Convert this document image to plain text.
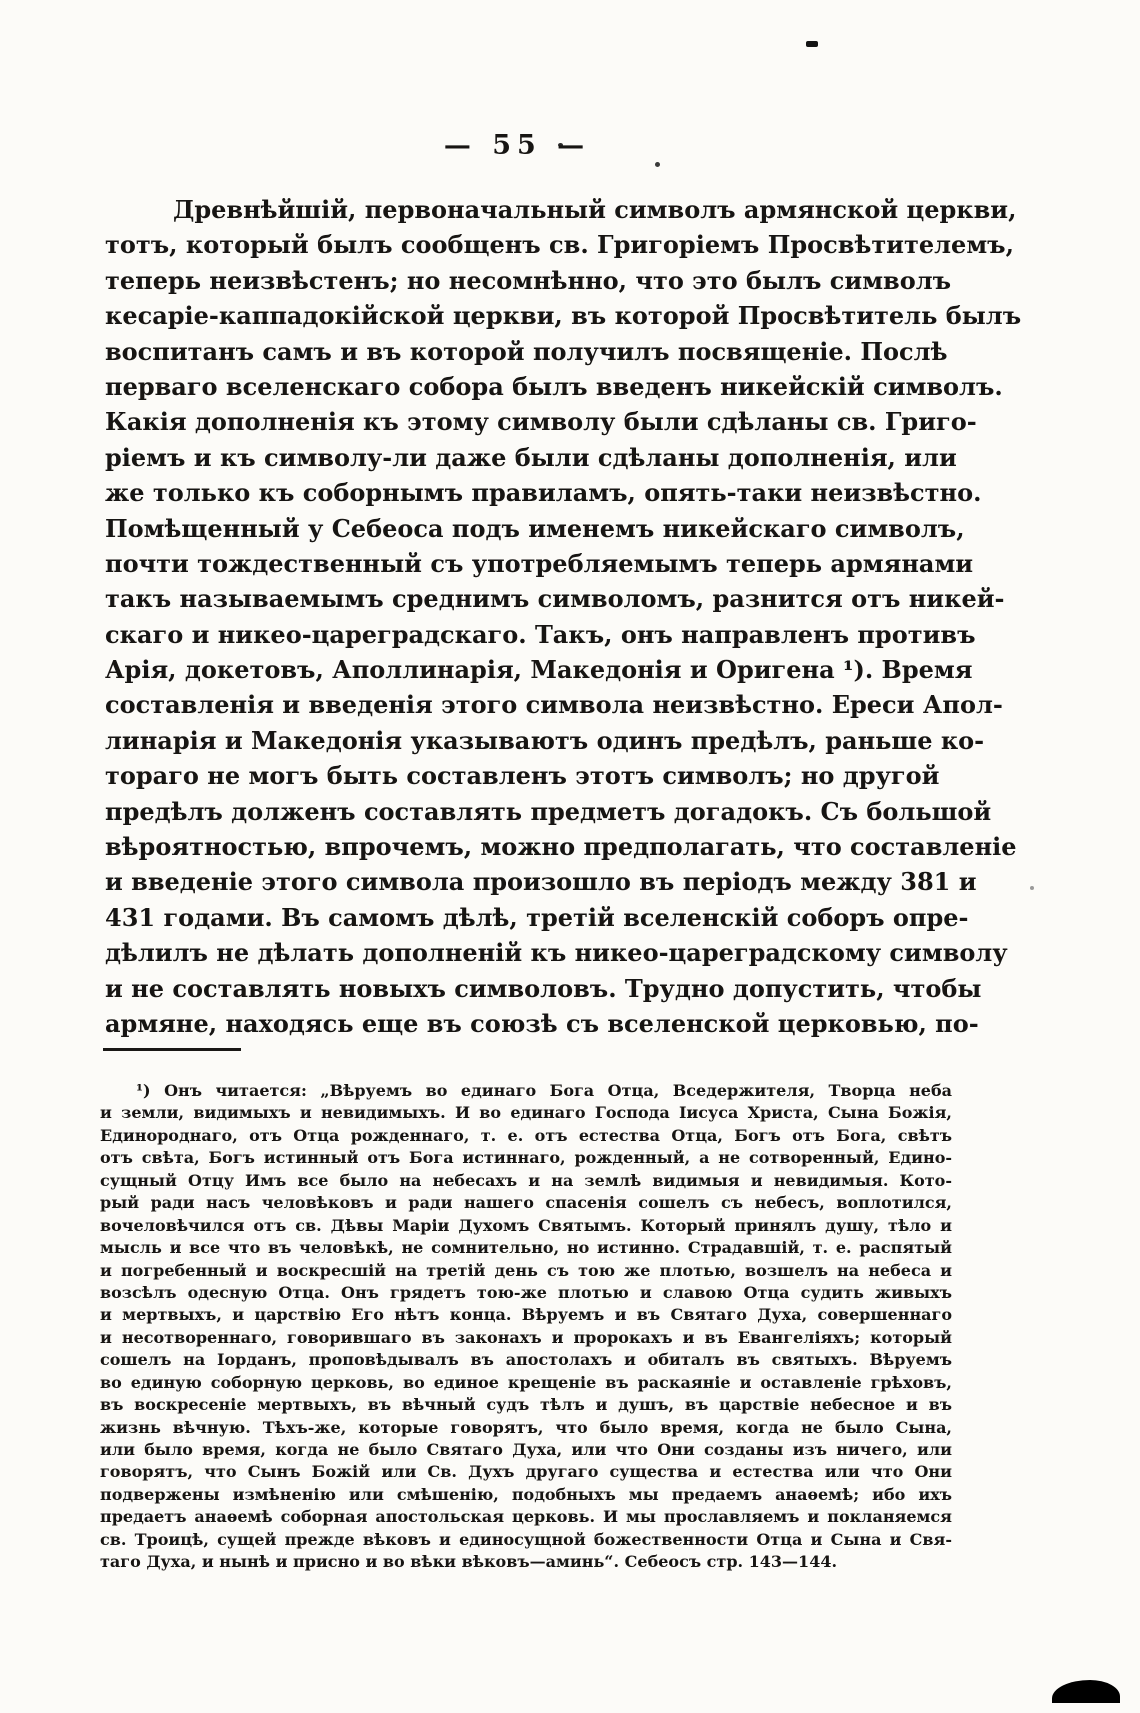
— 55 —
Древнѣйшій, первоначальный символъ армянской церкви,
тотъ, который былъ сообщенъ св. Григоріемъ Просвѣтителемъ,
теперь неизвѣстенъ; но несомнѣнно, что это былъ символъ
кесаріе-каппадокійской церкви, въ которой Просвѣтитель былъ
воспитанъ самъ и въ которой получилъ посвященіе. Послѣ
перваго вселенскаго собора былъ введенъ никейскій символъ.
Какія дополненія къ этому символу были сдѣланы св. Григо-
ріемъ и къ символу-ли даже были сдѣланы дополненія, или
же только къ соборнымъ правиламъ, опять-таки неизвѣстно.
Помѣщенный у Себеоса подъ именемъ никейскаго символъ,
почти тождественный съ употребляемымъ теперь армянами
такъ называемымъ среднимъ символомъ, разнится отъ никей-
скаго и никео-цареградскаго. Такъ, онъ направленъ противъ
Арія, докетовъ, Аполлинарія, Македонія и Оригена ¹). Время
составленія и введенія этого символа неизвѣстно. Ереси Апол-
линарія и Македонія указываютъ одинъ предѣлъ, раньше ко-
тораго не могъ быть составленъ этотъ символъ; но другой
предѣлъ долженъ составлять предметъ догадокъ. Съ большой
вѣроятностью, впрочемъ, можно предполагать, что составленіе
и введеніе этого символа произошло въ періодъ между 381 и
431 годами. Въ самомъ дѣлѣ, третій вселенскій соборъ опре-
дѣлилъ не дѣлать дополненій къ никео-цареградскому символу
и не составлять новыхъ символовъ. Трудно допустить, чтобы
армяне, находясь еще въ союзѣ съ вселенской церковью, по-
¹) Онъ читается: „Вѣруемъ во единаго Бога Отца, Вседержителя, Творца неба
и земли, видимыхъ и невидимыхъ. И во единаго Господа Іисуса Христа, Сына Божія,
Единороднаго, отъ Отца рожденнаго, т. е. отъ естества Отца, Богъ отъ Бога, свѣтъ
отъ свѣта, Богъ истинный отъ Бога истиннаго, рожденный, а не сотворенный, Едино-
сущный Отцу Имъ все было на небесахъ и на землѣ видимыя и невидимыя. Кото-
рый ради насъ человѣковъ и ради нашего спасенія сошелъ съ небесъ, воплотился,
вочеловѣчился отъ св. Дѣвы Маріи Духомъ Святымъ. Который принялъ душу, тѣло и
мысль и все что въ человѣкѣ, не сомнительно, но истинно. Страдавшій, т. е. распятый
и погребенный и воскресшій на третій день съ тою же плотью, возшелъ на небеса и
возсѣлъ одесную Отца. Онъ грядетъ тою-же плотью и славою Отца судить живыхъ
и мертвыхъ, и царствію Его нѣтъ конца. Вѣруемъ и въ Святаго Духа, совершеннаго
и несотвореннаго, говорившаго въ законахъ и пророкахъ и въ Евангеліяхъ; который
сошелъ на Іорданъ, проповѣдывалъ въ апостолахъ и обиталъ въ святыхъ. Вѣруемъ
во единую соборную церковь, во единое крещеніе въ раскаяніе и оставленіе грѣховъ,
въ воскресеніе мертвыхъ, въ вѣчный судъ тѣлъ и душъ, въ царствіе небесное и въ
жизнь вѣчную. Тѣхъ-же, которые говорятъ, что было время, когда не было Сына,
или было время, когда не было Святаго Духа, или что Они созданы изъ ничего, или
говорятъ, что Сынъ Божій или Св. Духъ другаго существа и естества или что Они
подвержены измѣненію или смѣшенію, подобныхъ мы предаемъ анаѳемѣ; ибо ихъ
предаетъ анаѳемѣ соборная апостольская церковь. И мы прославляемъ и покланяемся
св. Троицѣ, сущей прежде вѣковъ и единосущной божественности Отца и Сына и Свя-
таго Духа, и нынѣ и присно и во вѣки вѣковъ—аминь“. Себеосъ стр. 143—144.
